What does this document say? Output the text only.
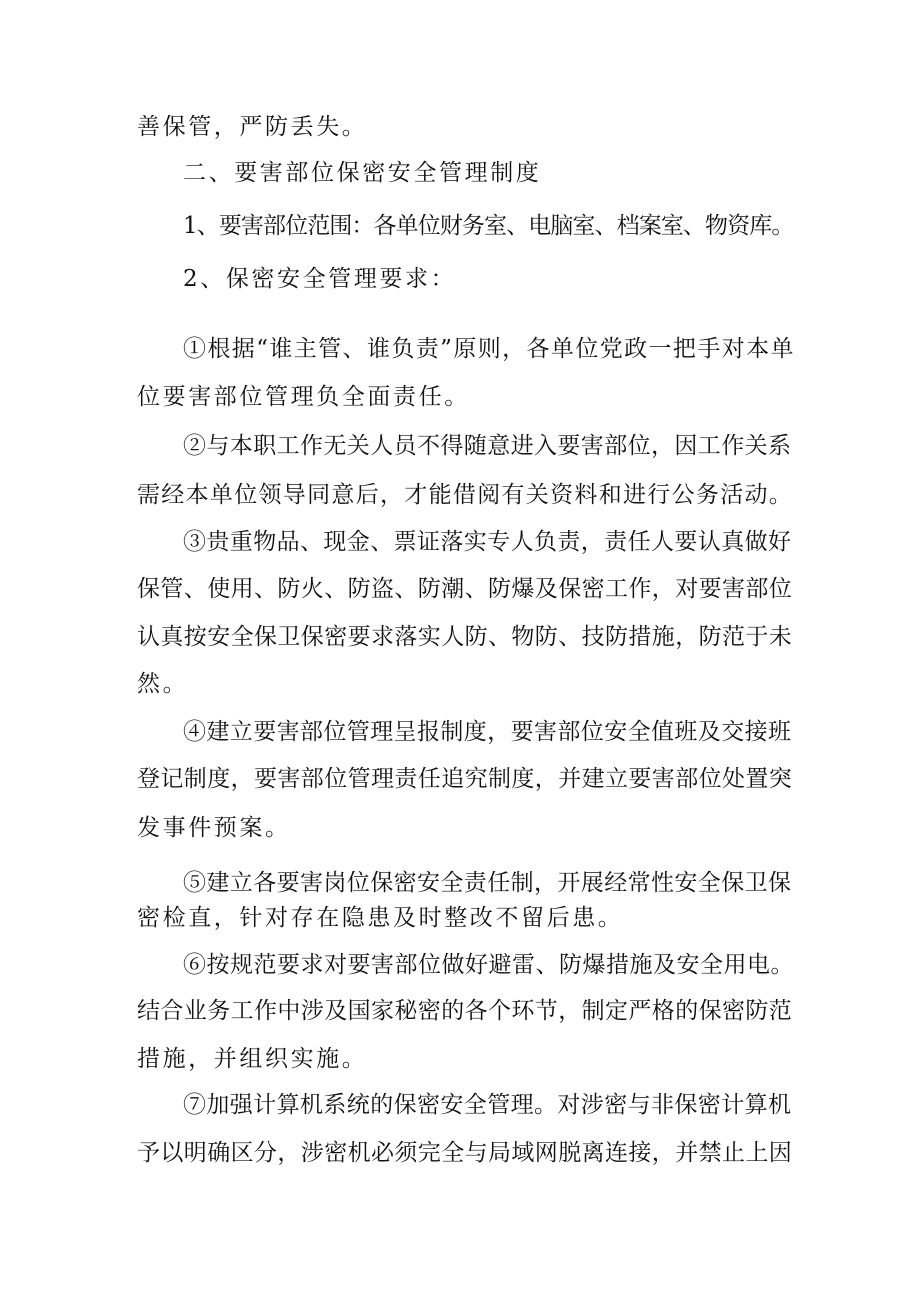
善保管，严防丢失。
二、要害部位保密安全管理制度
1、要害部位范围：各单位财务室、电脑室、档案室、物资库。
2、保密安全管理要求：
①根据“谁主管、谁负责”原则，各单位党政一把手对本单
位要害部位管理负全面责任。
②与本职工作无关人员不得随意进入要害部位，因工作关系
需经本单位领导同意后，才能借阅有关资料和进行公务活动。
③贵重物品、现金、票证落实专人负责，责任人要认真做好
保管、使用、防火、防盗、防潮、防爆及保密工作，对要害部位
认真按安全保卫保密要求落实人防、物防、技防措施，防范于未
然。
④建立要害部位管理呈报制度，要害部位安全值班及交接班
登记制度，要害部位管理责任追究制度，并建立要害部位处置突
发事件预案。
⑤建立各要害岗位保密安全责任制，开展经常性安全保卫保
密检直，针对存在隐患及时整改不留后患。
⑥按规范要求对要害部位做好避雷、防爆措施及安全用电。
结合业务工作中涉及国家秘密的各个环节，制定严格的保密防范
措施，并组织实施。
⑦加强计算机系统的保密安全管理。对涉密与非保密计算机
予以明确区分，涉密机必须完全与局域网脱离连接，并禁止上因
